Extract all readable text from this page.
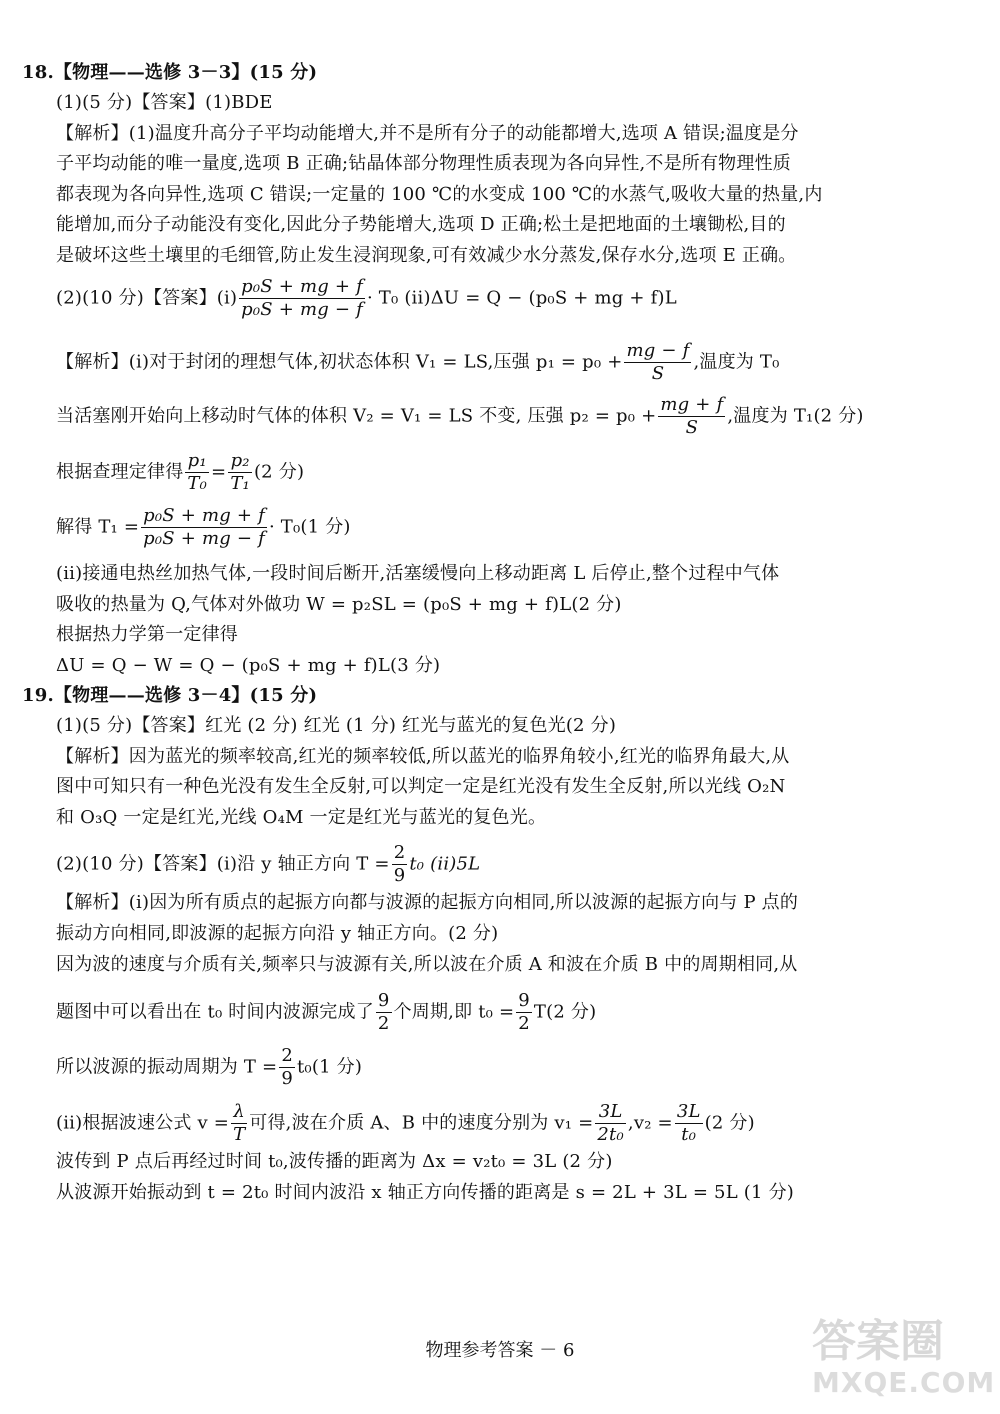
18.【物理——选修 3－3】(15 分)
(1)(5 分)【答案】(1)BDE
【解析】(1)温度升高分子平均动能增大,并不是所有分子的动能都增大,选项 A 错误;温度是分
子平均动能的唯一量度,选项 B 正确;钻晶体部分物理性质表现为各向异性,不是所有物理性质
都表现为各向异性,选项 C 错误;一定量的 100 ℃的水变成 100 ℃的水蒸气,吸收大量的热量,内
能增加,而分子动能没有变化,因此分子势能增大,选项 D 正确;松土是把地面的土壤锄松,目的
是破坏这些土壤里的毛细管,防止发生浸润现象,可有效减少水分蒸发,保存水分,选项 E 正确。
(2)(10 分)【答案】$(i) \frac{\text{p₀S + mg + f}}{\text{p₀S + mg − f}} \cdot T_0$ (ii)ΔU = Q − (p₀S + mg + f)L
【解析】(i)对于封闭的理想气体,初状态体积 V₁ = LS,压强 $p_1 = p_0 + \frac{mg - f}{S}$ ,温度为 T₀
当活塞刚开始向上移动时气体的体积 V₂ = V₁ = LS 不变, 压强 $p_2 = p_0 + \frac{mg + f}{S}$ ,温度为 T₁(2 分)
根据查理定律得 $\frac{\text{p₁}}{\text{T₀}} = \frac{\text{p₂}}{\text{T₁}} (2$ 分)
解得 $T_1 = \frac{\text{p₀S + mg + f}}{\text{p₀S + mg − f}} \cdot T_0(1$ 分)
(ii)接通电热丝加热气体,一段时间后断开,活塞缓慢向上移动距离 L 后停止,整个过程中气体
吸收的热量为 Q,气体对外做功 W = p₂SL = (p₀S + mg + f)L(2 分)
根据热力学第一定律得
ΔU = Q − W = Q − (p₀S + mg + f)L(3 分)
19.【物理——选修 3－4】(15 分)
(1)(5 分)【答案】红光 (2 分) 红光 (1 分) 红光与蓝光的复色光(2 分)
【解析】因为蓝光的频率较高,红光的频率较低,所以蓝光的临界角较小,红光的临界角最大,从
图中可知只有一种色光没有发生全反射,可以判定一定是红光没有发生全反射,所以光线 O₂N
和 O₃Q 一定是红光,光线 O₄M 一定是红光与蓝光的复色光。
(2)(10 分)【答案】(i)沿 y 轴正方向 $T = \frac{2}{9} t_0$ (ii)5L
【解析】(i)因为所有质点的起振方向都与波源的起振方向相同,所以波源的起振方向与 P 点的
振动方向相同,即波源的起振方向沿 y 轴正方向。(2 分)
因为波的速度与介质有关,频率只与波源有关,所以波在介质 A 和波在介质 B 中的周期相同,从
题图中可以看出在 t₀ 时间内波源完成了 $\frac{9}{2}$ 个周期,即 $t_0 = \frac{9}{2} T(2$ 分)
所以波源的振动周期为 $T = \frac{2}{9} t_0(1$ 分)
(ii)根据波速公式 $v = \frac{\lambda}{T}$ 可得,波在介质 A、B 中的速度分别为 $v_1 = \frac{3L}{\text{2t₀}} ,v_2 = \frac{3L}{\text{t₀}} (2$ 分)
波传到 P 点后再经过时间 t₀,波传播的距离为 Δx = v₂t₀ = 3L (2 分)
从波源开始振动到 t = 2t₀ 时间内波沿 x 轴正方向传播的距离是 s = 2L + 3L = 5L (1 分)
物理参考答案 － 6	答案圈
MXQE.COM
